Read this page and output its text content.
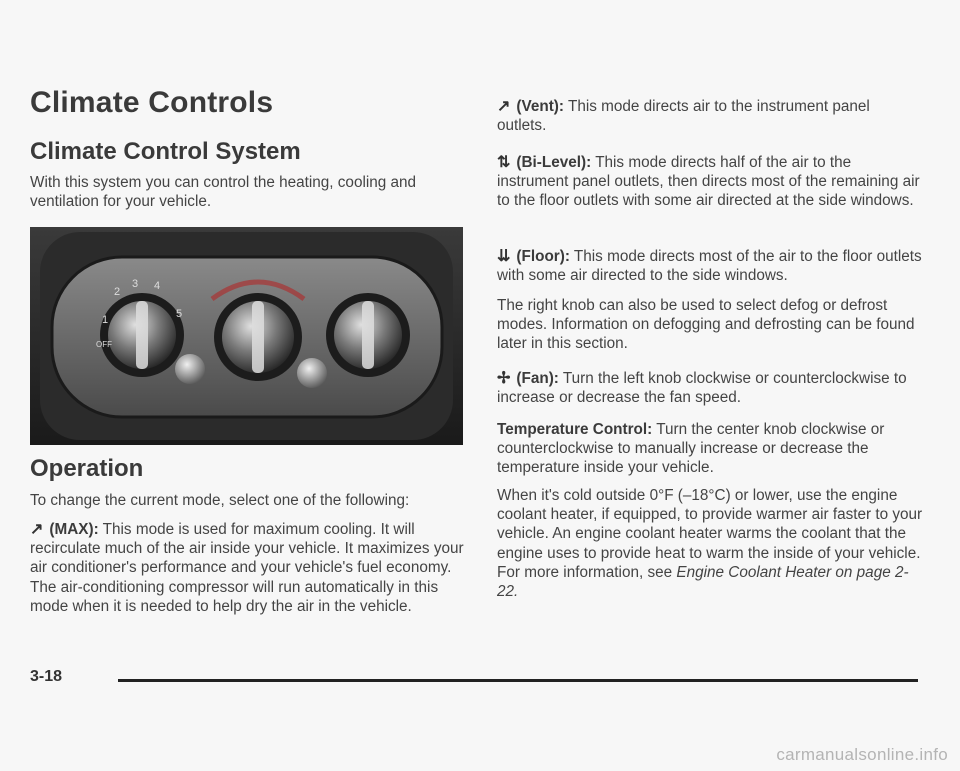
Climate Controls
Climate Control System

With this system you can control the heating, cooling and ventilation for your vehicle.

2
3 4
1	5
OFF
Operation

To change the current mode, select one of the following:

↗ (MAX): This mode is used for maximum cooling. It will recirculate much of the air inside your vehicle. It maximizes your air conditioner's performance and your vehicle's fuel economy. The air-conditioning compressor will run automatically in this mode when it is needed to help dry the air in the vehicle.

↗ (Vent): This mode directs air to the instrument panel outlets.

⇅ (Bi-Level): This mode directs half of the air to the instrument panel outlets, then directs most of the remaining air to the floor outlets with some air directed at the side windows.

⇊ (Floor): This mode directs most of the air to the floor outlets with some air directed to the side windows.

The right knob can also be used to select defog or defrost modes. Information on defogging and defrosting can be found later in this section.

✢ (Fan): Turn the left knob clockwise or counterclockwise to increase or decrease the fan speed.

Temperature Control: Turn the center knob clockwise or counterclockwise to manually increase or decrease the temperature inside your vehicle.

When it's cold outside 0°F (–18°C) or lower, use the engine coolant heater, if equipped, to provide warmer air faster to your vehicle. An engine coolant heater warms the coolant that the engine uses to provide heat to warm the inside of your vehicle. For more information, see Engine Coolant Heater on page 2-22.

3-18

carmanualsonline.info
